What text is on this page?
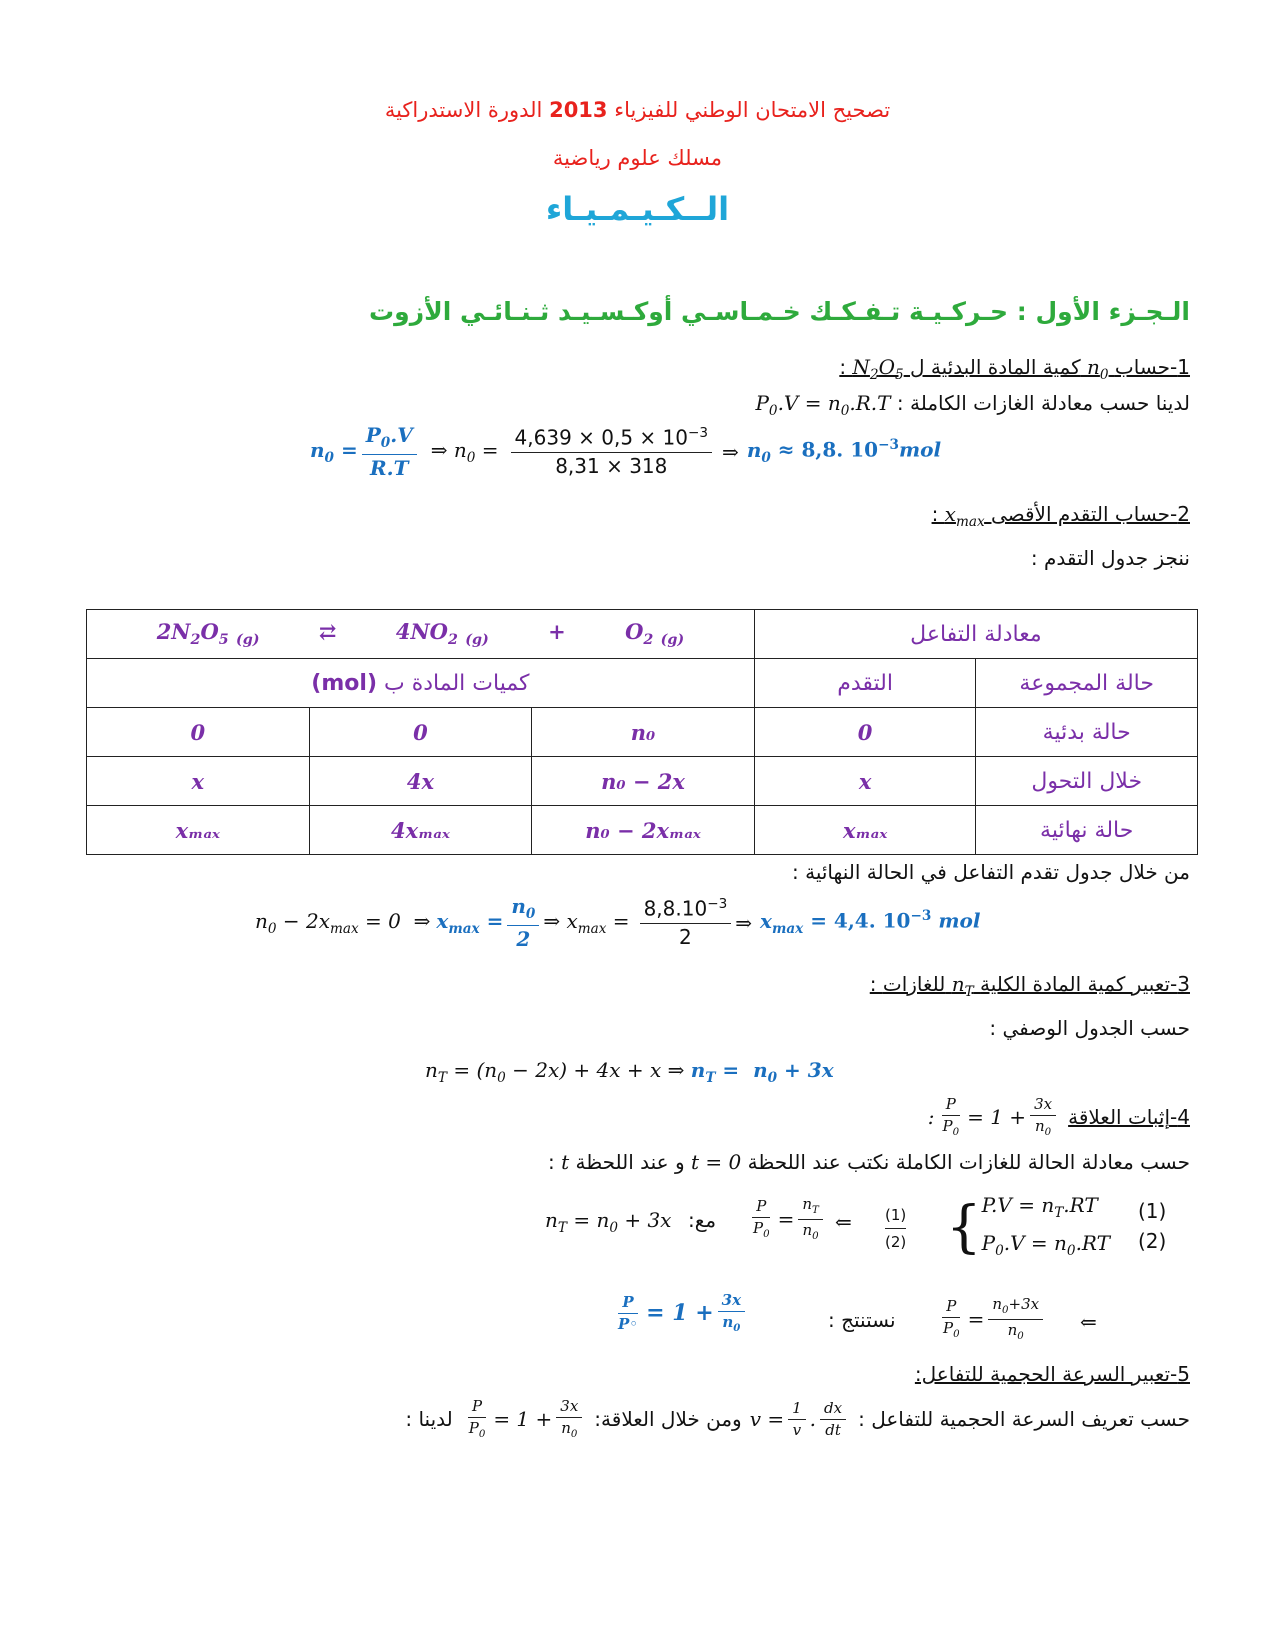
تصحيح الامتحان الوطني للفيزياء 2013 الدورة الاستدراكية
مسلك علوم رياضية
الــكـيـمـيـاء
الـجـزء الأول : حـركـيـة تـفـكـك خـمـاسـي أوكـسـيـد ثـنـائـي الأزوت
1-حساب $n_0$ كمية المادة البدئية ل $N_2O_5$ :
لدينا حسب معادلة الغازات الكاملة :   $P_0.V = n_0.R.T$
$n_0 = \frac{P_0.V}{R.T}$ ⇒ $n_0 = \frac{4,639 \times 0,5 \times 10^{-3}}{8,31 \times 318}$ ⇒ $n_0 \approx 8,8$. $10^{-3}mol$
2-حساب التقدم الأقصى $x_{max}$ :
ننجز جدول التقدم :
$2N_2O_5$ $_{(g)}$ ⇄ $4NO_2$ $_{(g)} + O_2$ $_{(g)}$			معادلة التفاعل	
كميات المادة ب (mol)			التقدم	حالة المجموعة
0	0	n₀	0	حالة بدئية
x	4x	n₀ − 2x	x	خلال التحول
xₘₐₓ	4xₘₐₓ	n₀ − 2xₘₐₓ	xₘₐₓ	حالة نهائية
من خلال جدول تقدم التفاعل في الحالة النهائية :
$n_0 - 2x_{max} = 0$  ⇒ $x_{max} = \frac{n_0}{2}$ ⇒ $x_{max} = \frac{8,8.10^{-3}}{2}$ ⇒ $x_{max} = 4,4$. $10^{-3}$ mol
3-تعبير كمية المادة الكلية $n_T$ للغازات :
حسب الجدول الوصفي :
$n_T = (n_0 - 2x) + 4x + x$ ⇒ $n_T = n_0 + 3x$
4-إثبات العلاقة
: $\frac{P}{P_0} = 1 + \frac{3x}{n_0}$
حسب معادلة الحالة للغازات الكاملة نكتب عند اللحظة t = 0 و عند اللحظة t :
{ $P.V = n_T.RT$
$P_0.V = n_0.RT$
(1)
(2)
(1)
(2)
⇐
$\frac{P}{P_0} = \frac{n_T}{n_0}$
مع:
$n_T = n_0 + 3x$
⇐
$\frac{P}{P_0} = \frac{n_0+3x}{n_0}$
نستنتج :
$\frac{P}{P◦} = 1 + \frac{3x}{n_0}$
5-تعبير السرعة الحجمية للتفاعل:
حسب تعريف السرعة الحجمية للتفاعل :
$v = \frac{1}{v}$ . $\frac{dx}{dt}$
ومن خلال العلاقة:
$\frac{P}{P_0} = 1 + \frac{3x}{n_0}$
لدينا :
